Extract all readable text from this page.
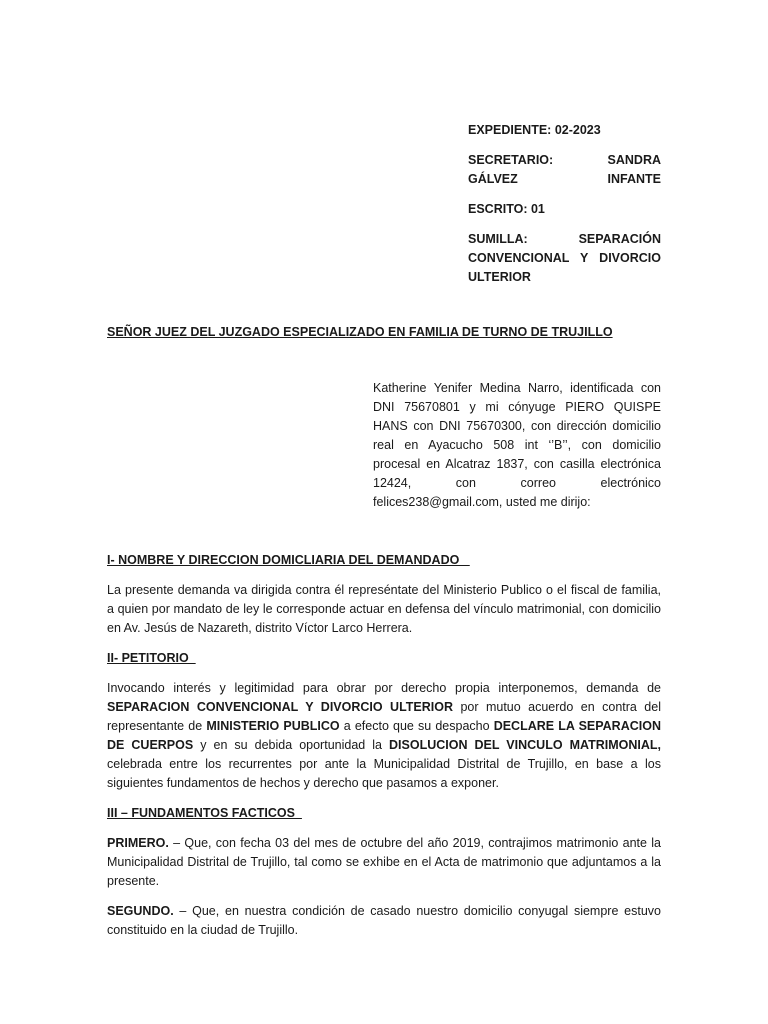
EXPEDIENTE: 02-2023

SECRETARIO: SANDRA GÁLVEZ INFANTE

ESCRITO: 01

SUMILLA: SEPARACIÓN CONVENCIONAL Y DIVORCIO ULTERIOR

SEÑOR JUEZ DEL JUZGADO ESPECIALIZADO EN FAMILIA DE TURNO DE TRUJILLO

Katherine Yenifer Medina Narro, identificada con DNI 75670801 y mi cónyuge PIERO QUISPE HANS con DNI 75670300, con dirección domicilio real en Ayacucho 508 int ‘’B’’, con domicilio procesal en Alcatraz 1837, con casilla electrónica 12424, con correo electrónico felices238@gmail.com, usted me dirijo:

I- NOMBRE Y DIRECCION DOMICLIARIA DEL DEMANDADO

La presente demanda va dirigida contra él represéntate del Ministerio Publico o el fiscal de familia, a quien por mandato de ley le corresponde actuar en defensa del vínculo matrimonial, con domicilio en Av. Jesús de Nazareth, distrito Víctor Larco Herrera.

II- PETITORIO

Invocando interés y legitimidad para obrar por derecho propia interponemos, demanda de SEPARACION CONVENCIONAL Y DIVORCIO ULTERIOR por mutuo acuerdo en contra del representante de MINISTERIO PUBLICO a efecto que su despacho DECLARE LA SEPARACION DE CUERPOS y en su debida oportunidad la DISOLUCION DEL VINCULO MATRIMONIAL, celebrada entre los recurrentes por ante la Municipalidad Distrital de Trujillo, en base a los siguientes fundamentos de hechos y derecho que pasamos a exponer.

III – FUNDAMENTOS FACTICOS

PRIMERO. – Que, con fecha 03 del mes de octubre del año 2019, contrajimos matrimonio ante la Municipalidad Distrital de Trujillo, tal como se exhibe en el Acta de matrimonio que adjuntamos a la presente.

SEGUNDO. – Que, en nuestra condición de casado nuestro domicilio conyugal siempre estuvo constituido en la ciudad de Trujillo.
